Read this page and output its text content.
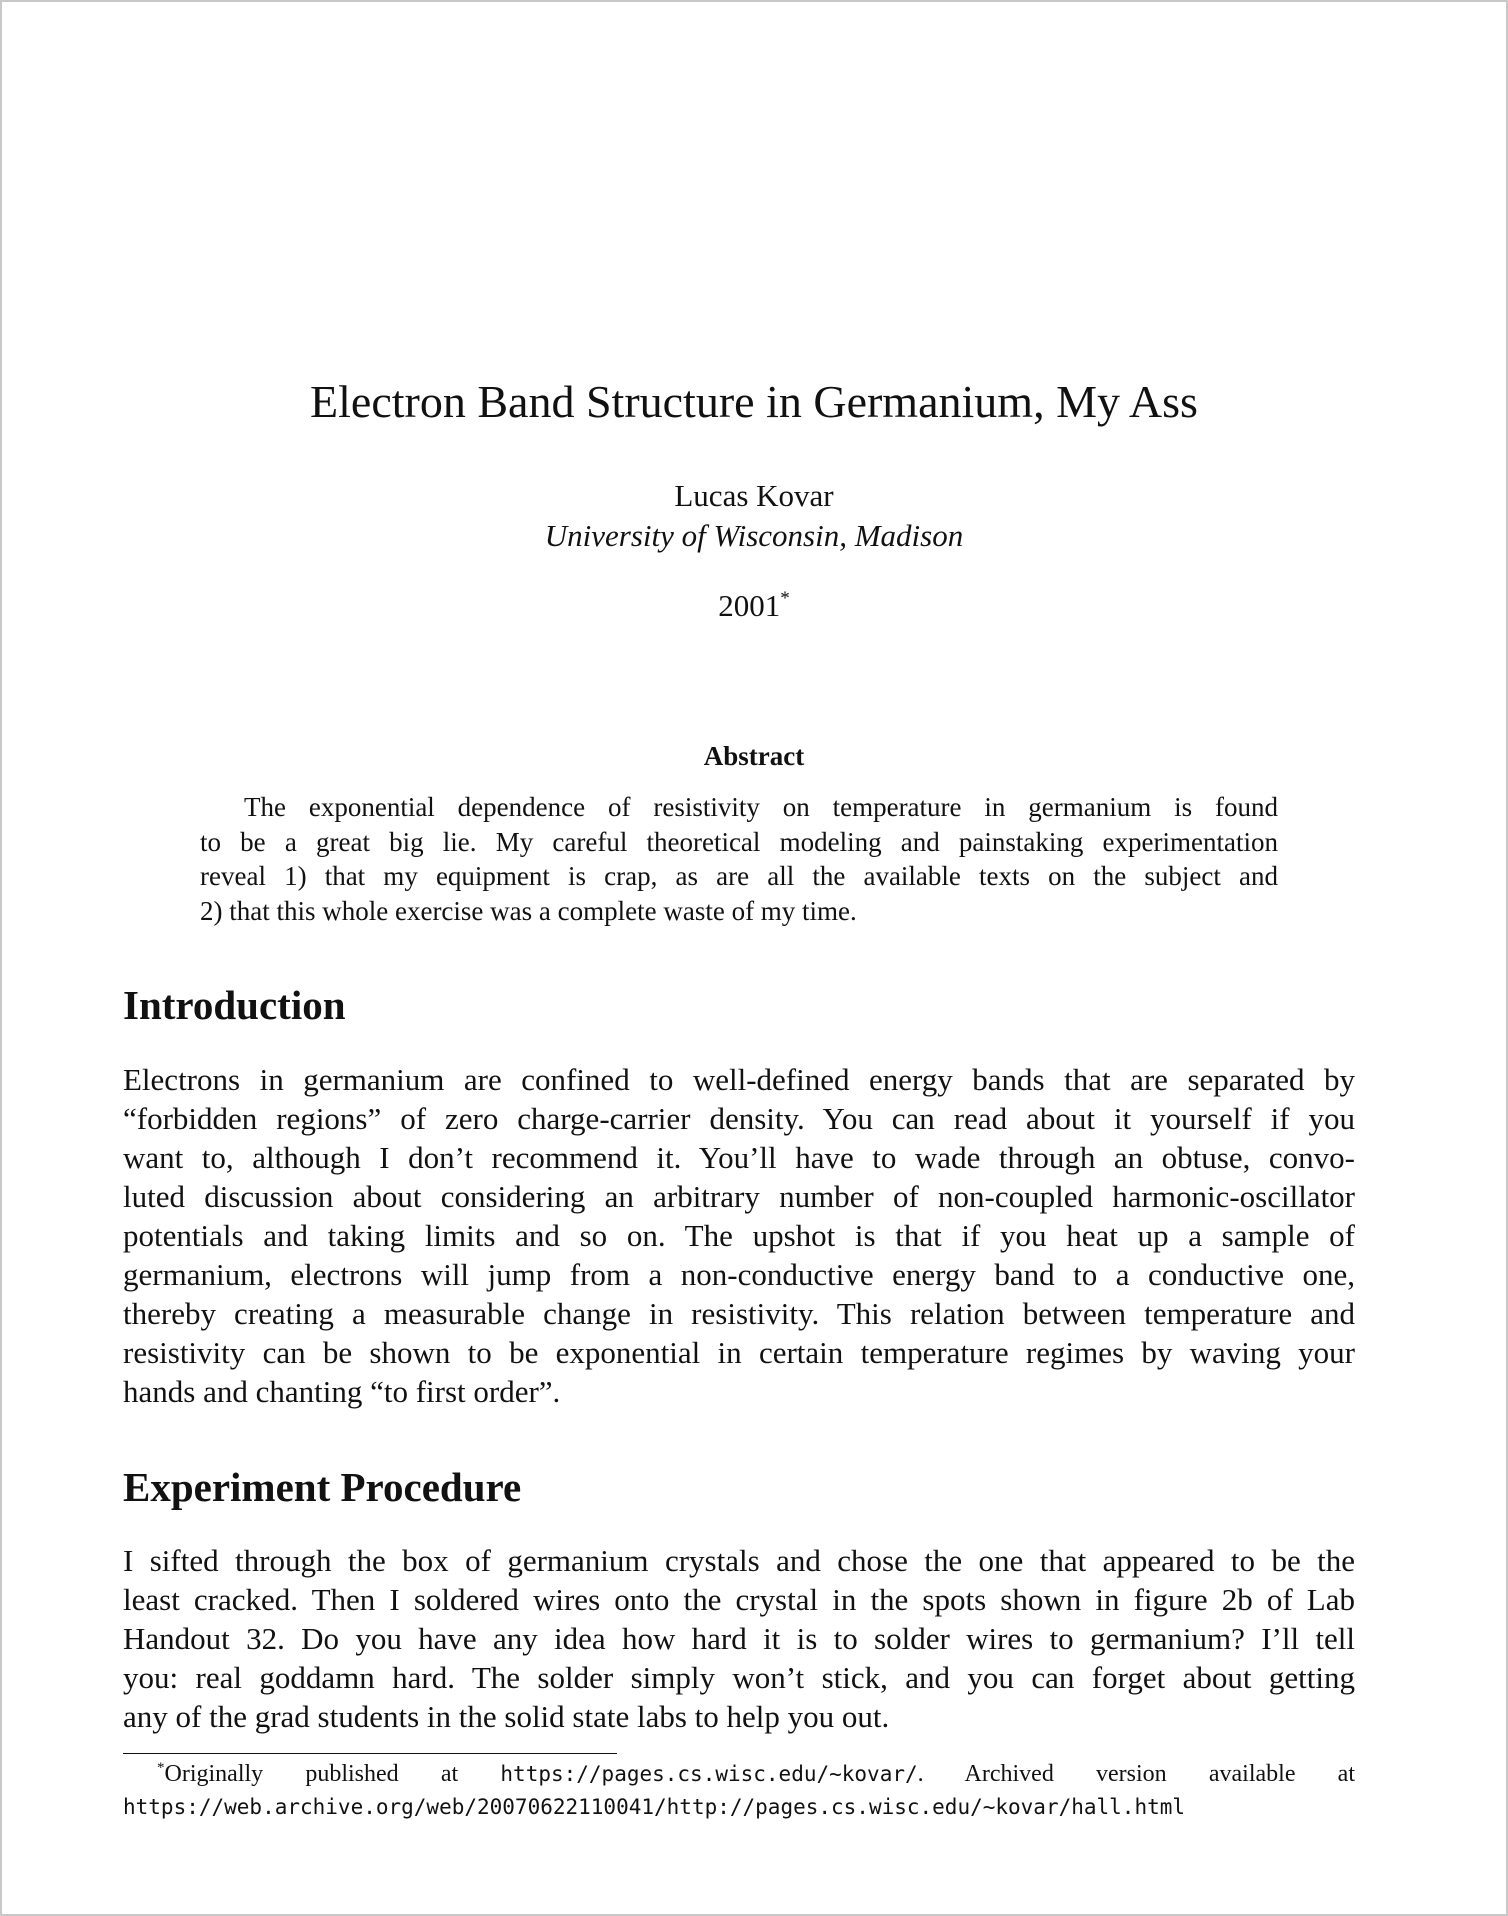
Electron Band Structure in Germanium, My Ass
Lucas Kovar
University of Wisconsin, Madison
2001*
Abstract
The exponential dependence of resistivity on temperature in germanium is found
to be a great big lie. My careful theoretical modeling and painstaking experimentation
reveal 1) that my equipment is crap, as are all the available texts on the subject and
2) that this whole exercise was a complete waste of my time.
Introduction
Electrons in germanium are confined to well-defined energy bands that are separated by
“forbidden regions” of zero charge-carrier density. You can read about it yourself if you
want to, although I don’t recommend it. You’ll have to wade through an obtuse, convo-
luted discussion about considering an arbitrary number of non-coupled harmonic-oscillator
potentials and taking limits and so on. The upshot is that if you heat up a sample of
germanium, electrons will jump from a non-conductive energy band to a conductive one,
thereby creating a measurable change in resistivity. This relation between temperature and
resistivity can be shown to be exponential in certain temperature regimes by waving your
hands and chanting “to first order”.
Experiment Procedure
I sifted through the box of germanium crystals and chose the one that appeared to be the
least cracked. Then I soldered wires onto the crystal in the spots shown in figure 2b of Lab
Handout 32. Do you have any idea how hard it is to solder wires to germanium? I’ll tell
you: real goddamn hard. The solder simply won’t stick, and you can forget about getting
any of the grad students in the solid state labs to help you out.
*Originally published at https://pages.cs.wisc.edu/~kovar/. Archived version available at
https://web.archive.org/web/20070622110041/http://pages.cs.wisc.edu/~kovar/hall.html
